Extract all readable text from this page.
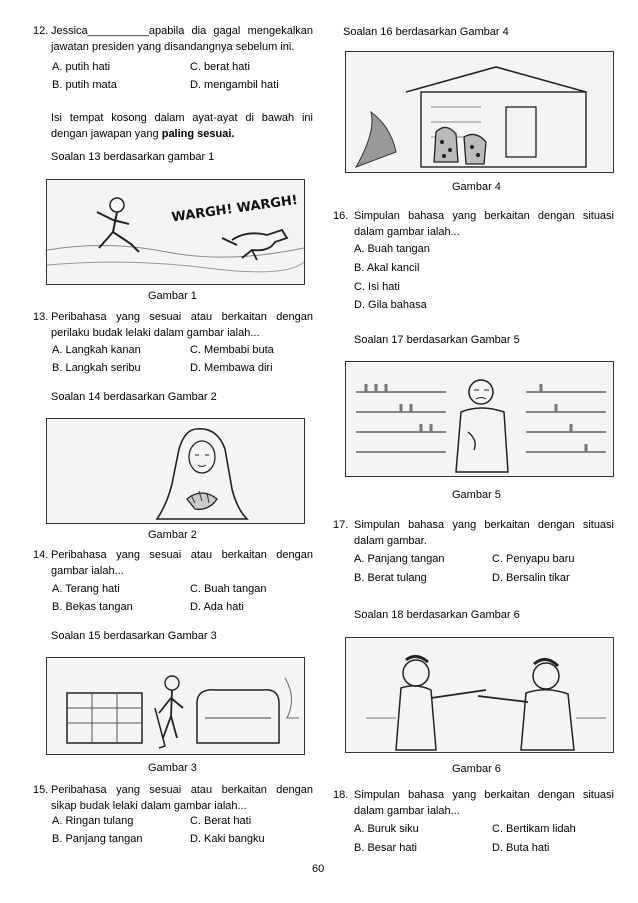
12. Jessica__________apabila dia gagal mengekalkan
jawatan presiden yang disandangnya sebelum ini.
A. putih hati	C. berat hati
B. putih mata	D. mengambil hati
Isi tempat kosong dalam ayat-ayat di bawah ini
dengan jawapan yang paling sesuai.
Soalan 13 berdasarkan gambar 1
WARGH! WARGH!
Gambar 1
13. Peribahasa yang sesuai atau berkaitan dengan
perilaku budak lelaki dalam gambar ialah...
A. Langkah kanan	C. Membabi buta
B. Langkah seribu	D. Membawa diri
Soalan 14 berdasarkan Gambar 2
Gambar 2
14. Peribahasa yang sesuai atau berkaitan dengan
gambar ialah...
A. Terang hati	C. Buah tangan
B. Bekas tangan	D. Ada hati
Soalan 15 berdasarkan Gambar 3
Gambar 3
15. Peribahasa yang sesuai atau berkaitan dengan
sikap budak lelaki dalam gambar ialah...
A. Ringan tulang	C. Berat hati
B. Panjang tangan	D. Kaki bangku
Soalan 16 berdasarkan Gambar 4
Gambar 4
16. Simpulan bahasa yang berkaitan dengan situasi
dalam gambar ialah...
A. Buah tangan
B. Akal kancil
C. Isi hati
D. Gila bahasa
Soalan 17 berdasarkan Gambar 5
Gambar 5
17. Simpulan bahasa yang berkaitan dengan situasi
dalam gambar.
A. Panjang tangan	C. Penyapu baru
B. Berat tulang	D. Bersalin tikar
Soalan 18 berdasarkan Gambar 6
Gambar 6
18. Simpulan bahasa yang berkaitan dengan situasi
dalam gambar ialah...
A. Buruk siku	C. Bertikam lidah
B. Besar hati	D. Buta hati
60
